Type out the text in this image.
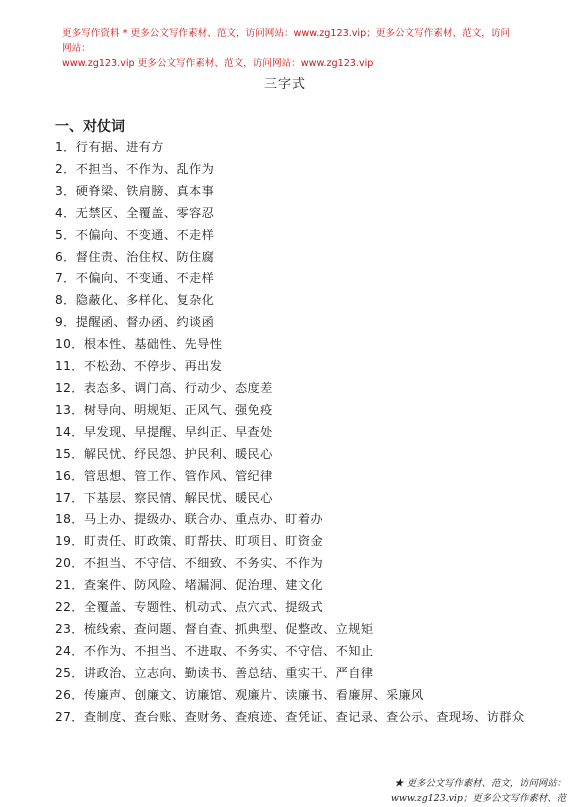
更多写作资料 * 更多公文写作素材、范文，访问网站：www.zg123.vip；更多公文写作素材、范文，访问网站：
www.zg123.vip 更多公文写作素材、范文，访问网站：www.zg123.vip
三字式
一、对仗词
1．行有据、进有方
2．不担当、不作为、乱作为
3．硬脊梁、铁肩膀、真本事
4．无禁区、全覆盖、零容忍
5．不偏向、不变通、不走样
6．督住责、治住权、防住腐
7．不偏向、不变通、不走样
8．隐蔽化、多样化、复杂化
9．提醒函、督办函、约谈函
10．根本性、基础性、先导性
11．不松劲、不停步、再出发
12．表态多、调门高、行动少、态度差
13．树导向、明规矩、正风气、强免疫
14．早发现、早提醒、早纠正、早查处
15．解民忧、纾民怨、护民利、暖民心
16．管思想、管工作、管作风、管纪律
17．下基层、察民情、解民忧、暖民心
18．马上办、提级办、联合办、重点办、盯着办
19．盯责任、盯政策、盯帮扶、盯项目、盯资金
20．不担当、不守信、不细致、不务实、不作为
21．查案件、防风险、堵漏洞、促治理、建文化
22．全覆盖、专题性、机动式、点穴式、提级式
23．梳线索、查问题、督自查、抓典型、促整改、立规矩
24．不作为、不担当、不进取、不务实、不守信、不知止
25．讲政治、立志向、勤读书、善总结、重实干、严自律
26．传廉声、创廉文、访廉馆、观廉片、读廉书、看廉屏、采廉风
27．查制度、查台账、查财务、查痕迹、查凭证、查记录、查公示、查现场、访群众
★ 更多公文写作素材、范文，访问网站：
www.zg123.vip；更多公文写作素材、范
